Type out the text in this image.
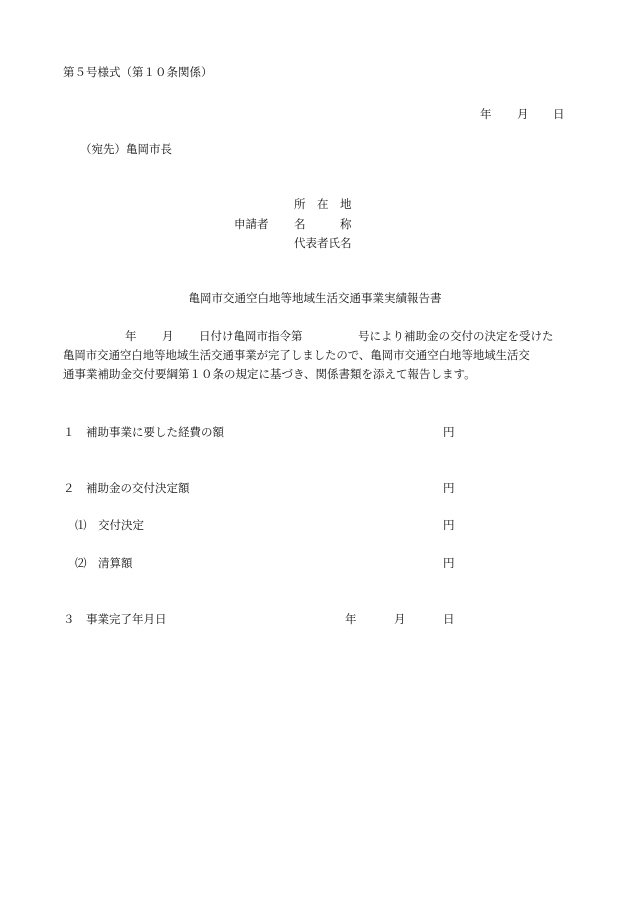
第５号様式（第１０条関係）
年 月 日
（宛先）亀岡市長
所　在　地
申請者 名　　　称
代表者氏名
亀岡市交通空白地等地域生活交通事業実績報告書
年 月 日付け亀岡市指令第	号により補助金の交付の決定を受けた
亀岡市交通空白地等地域生活交通事業が完了しましたので、亀岡市交通空白地等地域生活交
通事業補助金交付要綱第１０条の規定に基づき、関係書類を添えて報告します。
１　補助事業に要した経費の額	円
２　補助金の交付決定額	円
⑴　交付決定	円
⑵　清算額	円
３　事業完了年月日	年	月	日
